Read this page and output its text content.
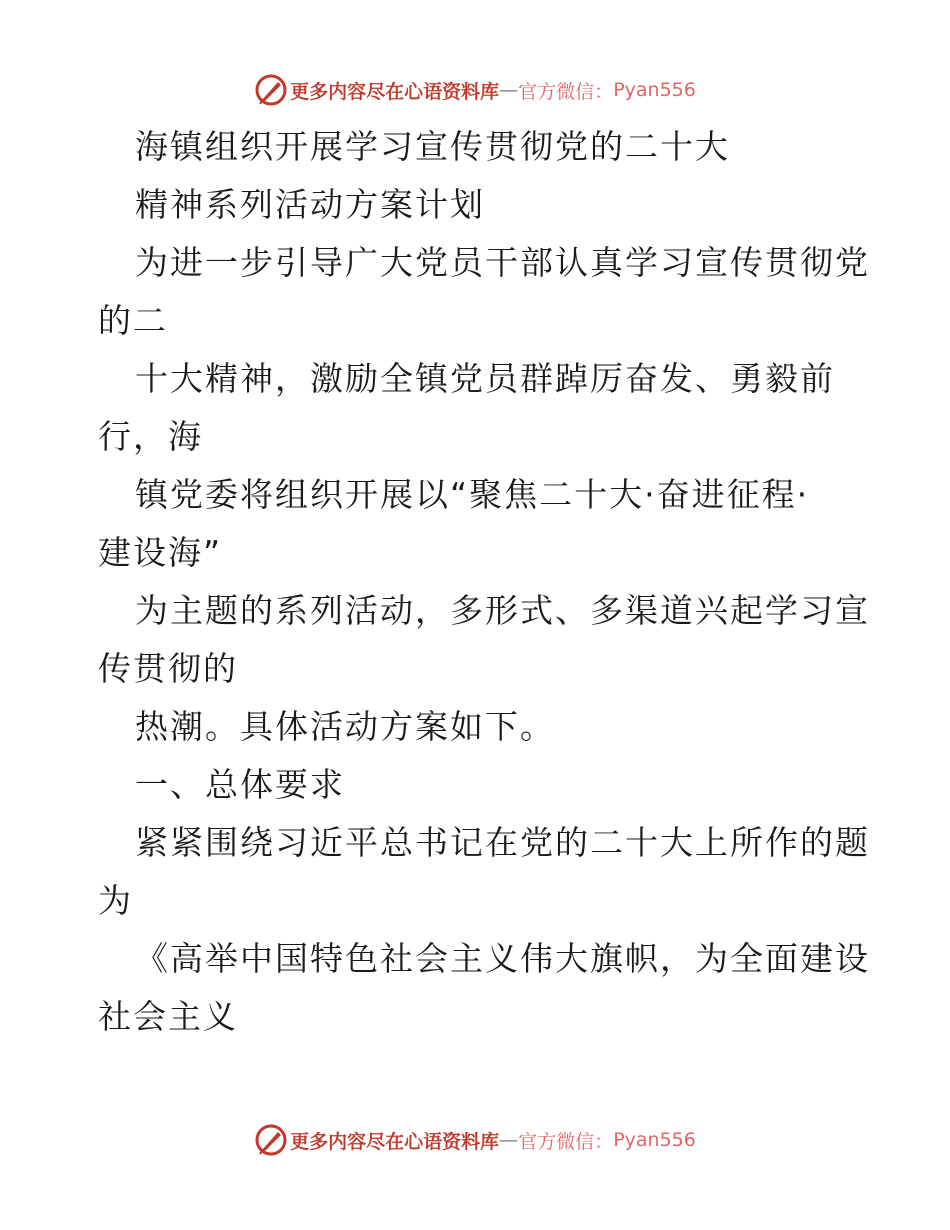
更多内容尽在心语资料库 — 官方微信： Pyan556
海镇组织开展学习宣传贯彻党的二十大
精神系列活动方案计划
为进一步引导广大党员干部认真学习宣传贯彻党
的二
十大精神，激励全镇党员群踔厉奋发、勇毅前
行，海
镇党委将组织开展以“聚焦二十大·奋进征程·
建设海”
为主题的系列活动，多形式、多渠道兴起学习宣
传贯彻的
热潮。具体活动方案如下。
一、总体要求
紧紧围绕习近平总书记在党的二十大上所作的题
为
《高举中国特色社会主义伟大旗帜，为全面建设
社会主义
更多内容尽在心语资料库 — 官方微信： Pyan556
